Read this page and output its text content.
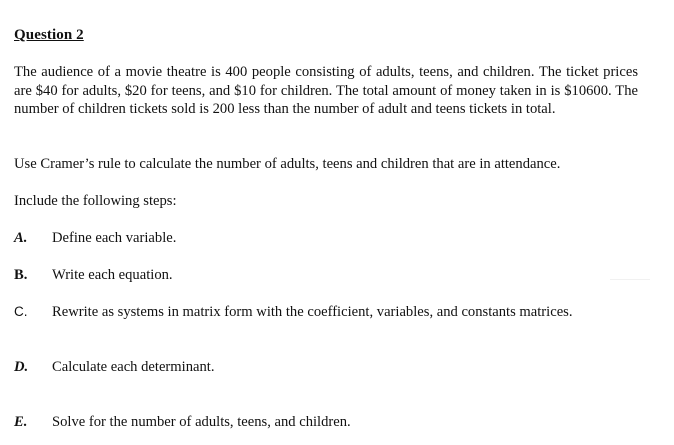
Question 2
The audience of a movie theatre is 400 people consisting of adults, teens, and children. The ticket prices are $40 for adults, $20 for teens, and $10 for children. The total amount of money taken in is $10600. The number of children tickets sold is 200 less than the number of adult and teens tickets in total.
Use Cramer’s rule to calculate the number of adults, teens and children that are in attendance.
Include the following steps:
A. Define each variable.
B. Write each equation.
C. Rewrite as systems in matrix form with the coefficient, variables, and constants matrices.
D. Calculate each determinant.
E. Solve for the number of adults, teens, and children.
